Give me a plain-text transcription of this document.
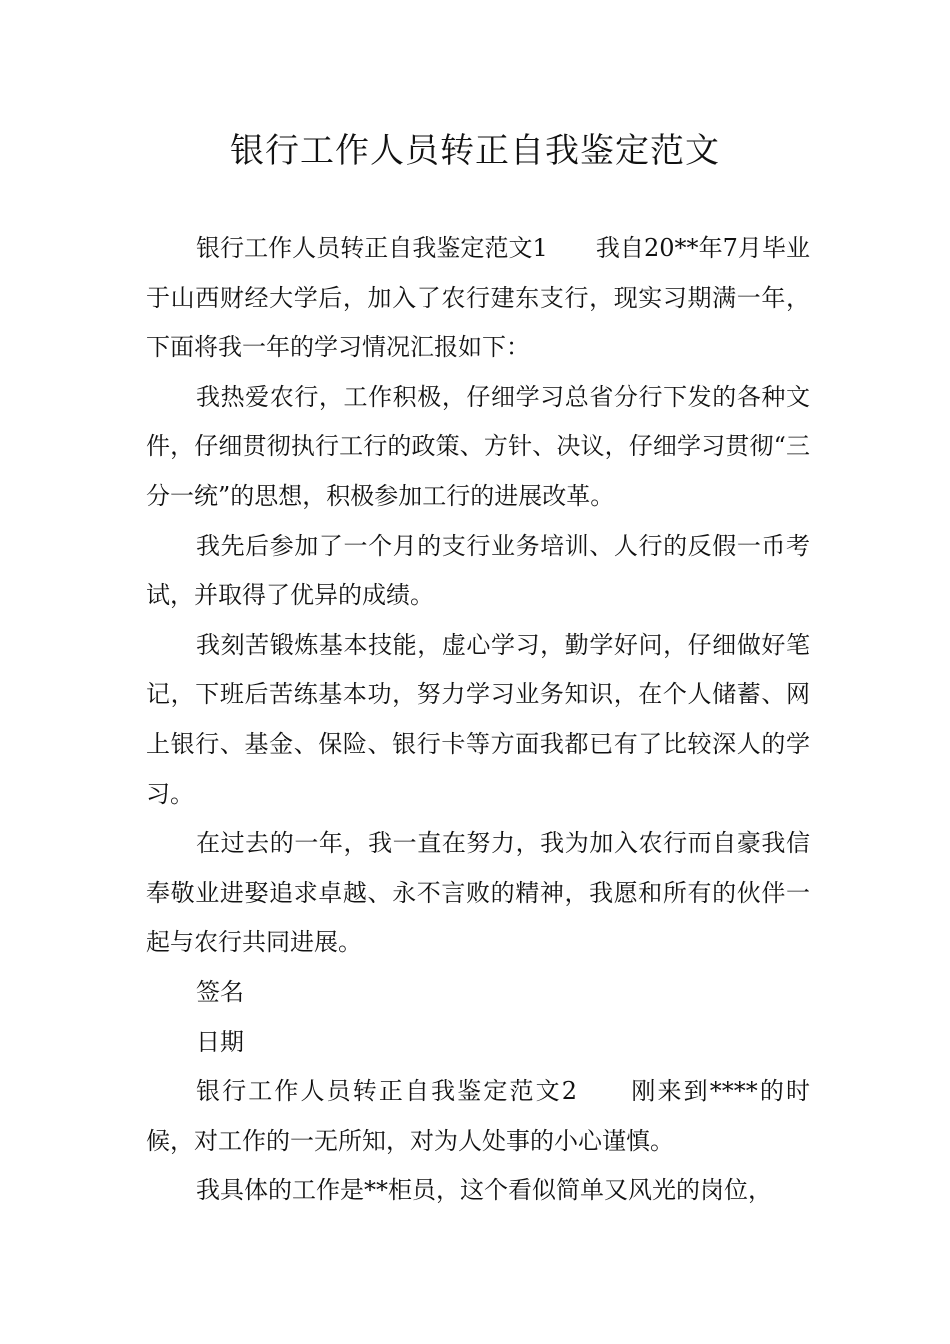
银行工作人员转正自我鉴定范文

银行工作人员转正自我鉴定范文1　　我自20**年7月毕业于山西财经大学后，加入了农行建东支行，现实习期满一年，下面将我一年的学习情况汇报如下：

我热爱农行，工作积极，仔细学习总省分行下发的各种文件，仔细贯彻执行工行的政策、方针、决议，仔细学习贯彻“三分一统”的思想，积极参加工行的进展改革。

我先后参加了一个月的支行业务培训、人行的反假一币考试，并取得了优异的成绩。

我刻苦锻炼基本技能，虚心学习，勤学好问，仔细做好笔记，下班后苦练基本功，努力学习业务知识，在个人储蓄、网上银行、基金、保险、银行卡等方面我都已有了比较深人的学习。

在过去的一年，我一直在努力，我为加入农行而自豪我信奉敬业进娶追求卓越、永不言败的精神，我愿和所有的伙伴一起与农行共同进展。

签名

日期

银行工作人员转正自我鉴定范文2　　刚来到****的时候，对工作的一无所知，对为人处事的小心谨慎。

我具体的工作是**柜员，这个看似简单又风光的岗位，
